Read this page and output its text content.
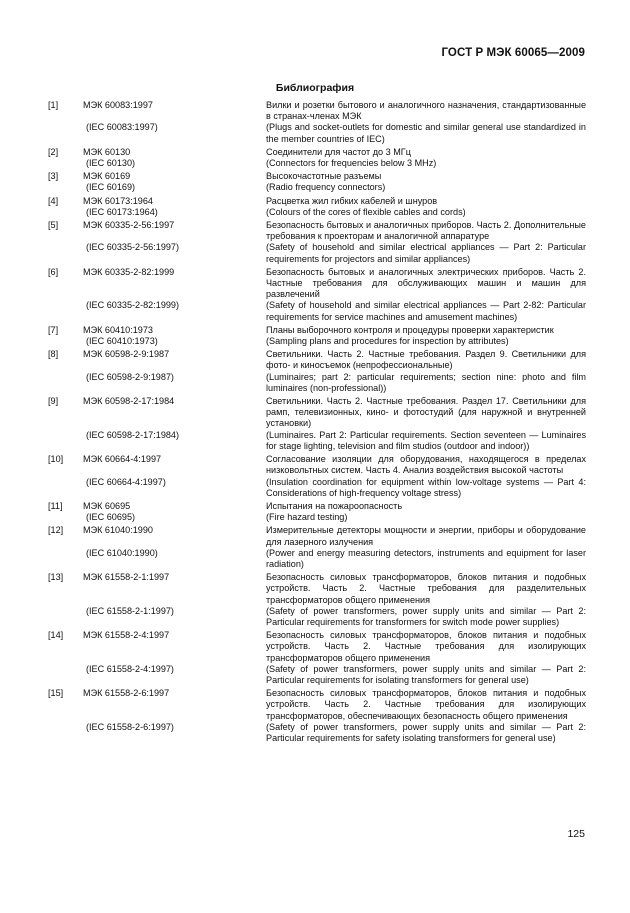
ГОСТ Р МЭК 60065—2009
Библиография
[1]	МЭК 60083:1997	Вилки и розетки бытового и аналогичного назначения, стандартизованные в странах-членах МЭК
(IEC 60083:1997)	(Plugs and socket-outlets for domestic and similar general use standardized in the member countries of IEC)
[2]	МЭК 60130	Соединители для частот до 3 МГц
(IEC 60130)	(Connectors for frequencies below 3 MHz)
[3]	МЭК 60169	Высокочастотные разъемы
(IEC 60169)	(Radio frequency connectors)
[4]	МЭК 60173:1964	Расцветка жил гибких кабелей и шнуров
(IEC 60173:1964)	(Colours of the cores of flexible cables and cords)
[5]	МЭК 60335-2-56:1997	Безопасность бытовых и аналогичных приборов. Часть 2. Дополнительные требования к проекторам и аналогичной аппаратуре
(IEC 60335-2-56:1997)	(Safety of household and similar electrical appliances — Part 2: Particular requirements for projectors and similar appliances)
[6]	МЭК 60335-2-82:1999	Безопасность бытовых и аналогичных электрических приборов. Часть 2. Частные требования для обслуживающих машин и машин для развлечений
(IEC 60335-2-82:1999)	(Safety of household and similar electrical appliances — Part 2-82: Particular requirements for service machines and amusement machines)
[7]	МЭК 60410:1973	Планы выборочного контроля и процедуры проверки характеристик
(IEC 60410:1973)	(Sampling plans and procedures for inspection by attributes)
[8]	МЭК 60598-2-9:1987	Светильники. Часть 2. Частные требования. Раздел 9. Светильники для фото- и киносъемок (непрофессиональные)
(IEC 60598-2-9:1987)	(Luminaires; part 2: particular requirements; section nine: photo and film luminaires (non-professional))
[9]	МЭК 60598-2-17:1984	Светильники. Часть 2. Частные требования. Раздел 17. Светильники для рамп, телевизионных, кино- и фотостудий (для наружной и внутренней установки)
(IEC 60598-2-17:1984)	(Luminaires. Part 2: Particular requirements. Section seventeen — Luminaires for stage lighting, television and film studios (outdoor and indoor))
[10]	МЭК 60664-4:1997	Согласование изоляции для оборудования, находящегося в пределах низковольтных систем. Часть 4. Анализ воздействия высокой частоты
(IEC 60664-4:1997)	(Insulation coordination for equipment within low-voltage systems — Part 4: Considerations of high-frequency voltage stress)
[11]	МЭК 60695	Испытания на пожароопасность
(IEC 60695)	(Fire hazard testing)
[12]	МЭК 61040:1990	Измерительные детекторы мощности и энергии, приборы и оборудование для лазерного излучения
(IEC 61040:1990)	(Power and energy measuring detectors, instruments and equipment for laser radiation)
[13]	МЭК 61558-2-1:1997	Безопасность силовых трансформаторов, блоков питания и подобных устройств. Часть 2. Частные требования для разделительных трансформаторов общего применения
(IEC 61558-2-1:1997)	(Safety of power transformers, power supply units and similar — Part 2: Particular requirements for transformers for switch mode power supplies)
[14]	МЭК 61558-2-4:1997	Безопасность силовых трансформаторов, блоков питания и подобных устройств. Часть 2. Частные требования для изолирующих трансформаторов общего применения
(IEC 61558-2-4:1997)	(Safety of power transformers, power supply units and similar — Part 2: Particular requirements for isolating transformers for general use)
[15]	МЭК 61558-2-6:1997	Безопасность силовых трансформаторов, блоков питания и подобных устройств. Часть 2. Частные требования для изолирующих трансформаторов, обеспечивающих безопасность общего применения
(IEC 61558-2-6:1997)	(Safety of power transformers, power supply units and similar — Part 2: Particular requirements for safety isolating transformers for general use)
125
